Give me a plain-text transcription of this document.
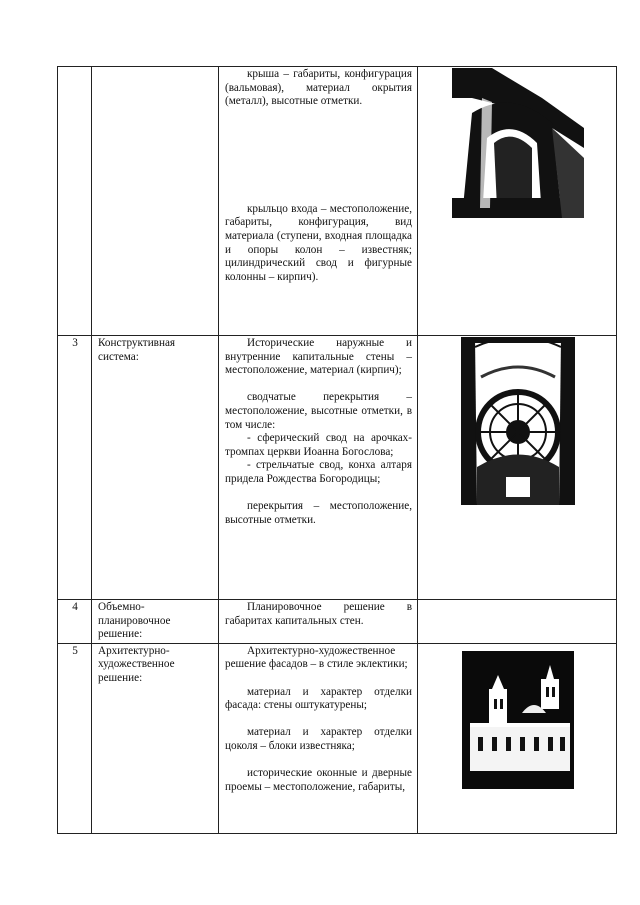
		крыша – габариты, конфигурация (вальмовая), материал окрытия (металл), высотные отметки.

крыльцо входа – местоположение, габариты, конфигурация, вид материала (ступени, входная площадка и опоры колон – известняк; цилиндрический свод и фигурные колонны – кирпич).

3	Конструктивная система:	Исторические наружные и внутренние капитальные стены – местоположение, материал (кирпич);

сводчатые перекрытия – местоположение, высотные отметки, в том числе:

- сферический свод на арочках-тромпах церкви Иоанна Богослова;

- стрельчатые свод, конха алтаря придела Рождества Богородицы;

перекрытия – местоположение, высотные отметки.

4	Объемно-планировочное решение:	Планировочное решение в габаритах капитальных стен.	

5	Архитектурно-художественное решение:	Архитектурно-художественное решение фасадов – в стиле эклектики;

материал и характер отделки фасада: стены оштукатурены;

материал и характер отделки цоколя – блоки известняка;

исторические оконные и дверные проемы – местоположение, габариты,
